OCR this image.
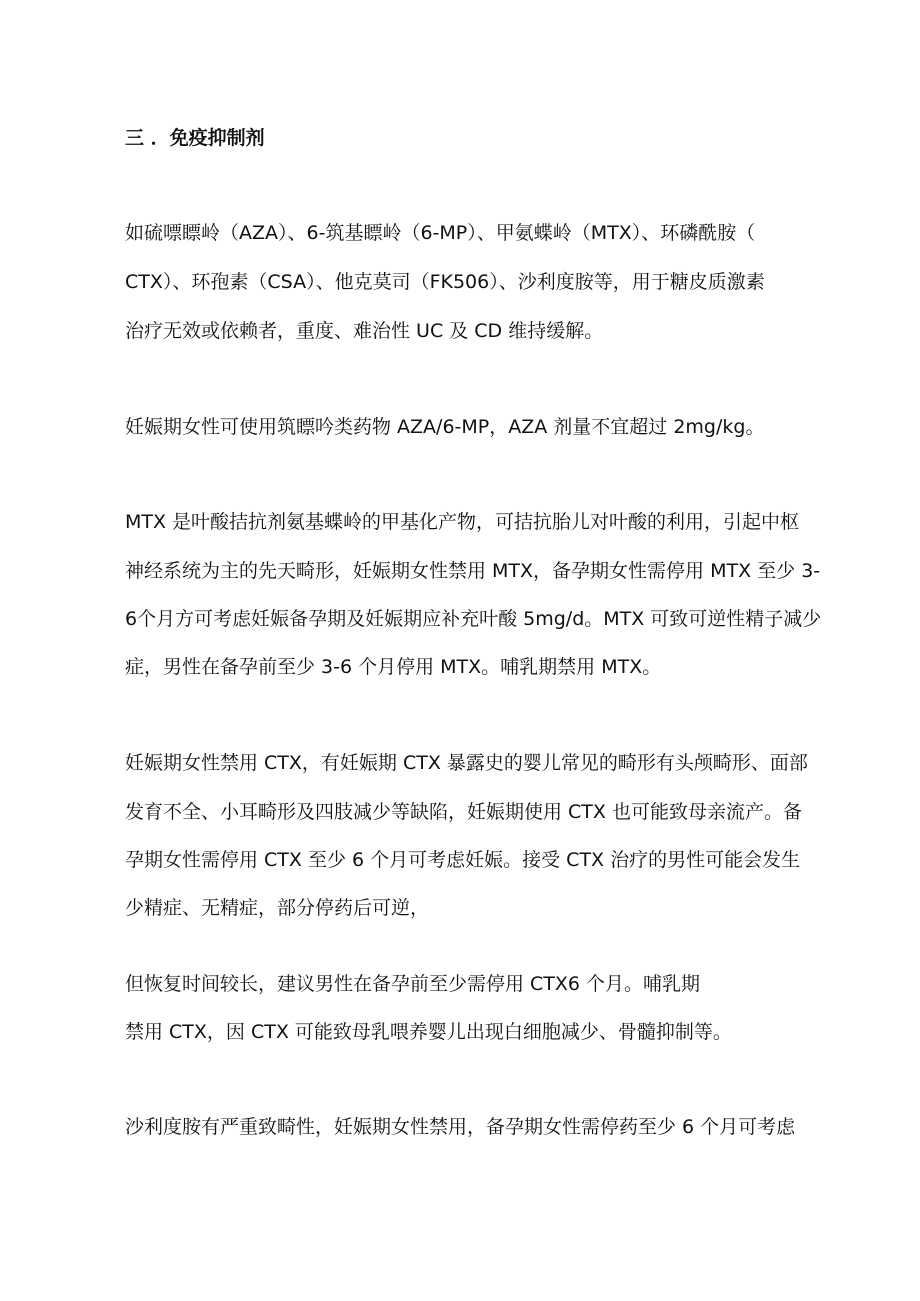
三 ．免疫抑制剂

如硫嘌瞟岭（AZA）、6-筑基瞟岭（6-MP）、甲氨蝶岭（MTX）、环磷酰胺（

CTX）、环孢素（CSA）、他克莫司（FK506）、沙利度胺等，用于糖皮质激素

治疗无效或依赖者，重度、难治性 UC 及 CD 维持缓解。

妊娠期女性可使用筑瞟吟类药物 AZA∕6-MP，AZA 剂量不宜超过 2mg∕kg。

MTX 是叶酸拮抗剂氨基蝶岭的甲基化产物，可拮抗胎儿对叶酸的利用，引起中枢

神经系统为主的先天畸形，妊娠期女性禁用 MTX，备孕期女性需停用 MTX 至少 3-

6个月方可考虑妊娠备孕期及妊娠期应补充叶酸 5mg∕d。MTX 可致可逆性精子减少

症，男性在备孕前至少 3-6 个月停用 MTX。哺乳期禁用 MTX。

妊娠期女性禁用 CTX，有妊娠期 CTX 暴露史的婴儿常见的畸形有头颅畸形、面部

发育不全、小耳畸形及四肢减少等缺陷，妊娠期使用 CTX 也可能致母亲流产。备

孕期女性需停用 CTX 至少 6 个月可考虑妊娠。接受 CTX 治疗的男性可能会发生

少精症、无精症，部分停药后可逆，

但恢复时间较长，建议男性在备孕前至少需停用 CTX6 个月。哺乳期

禁用 CTX，因 CTX 可能致母乳喂养婴儿出现白细胞减少、骨髓抑制等。

沙利度胺有严重致畸性，妊娠期女性禁用，备孕期女性需停药至少 6 个月可考虑
